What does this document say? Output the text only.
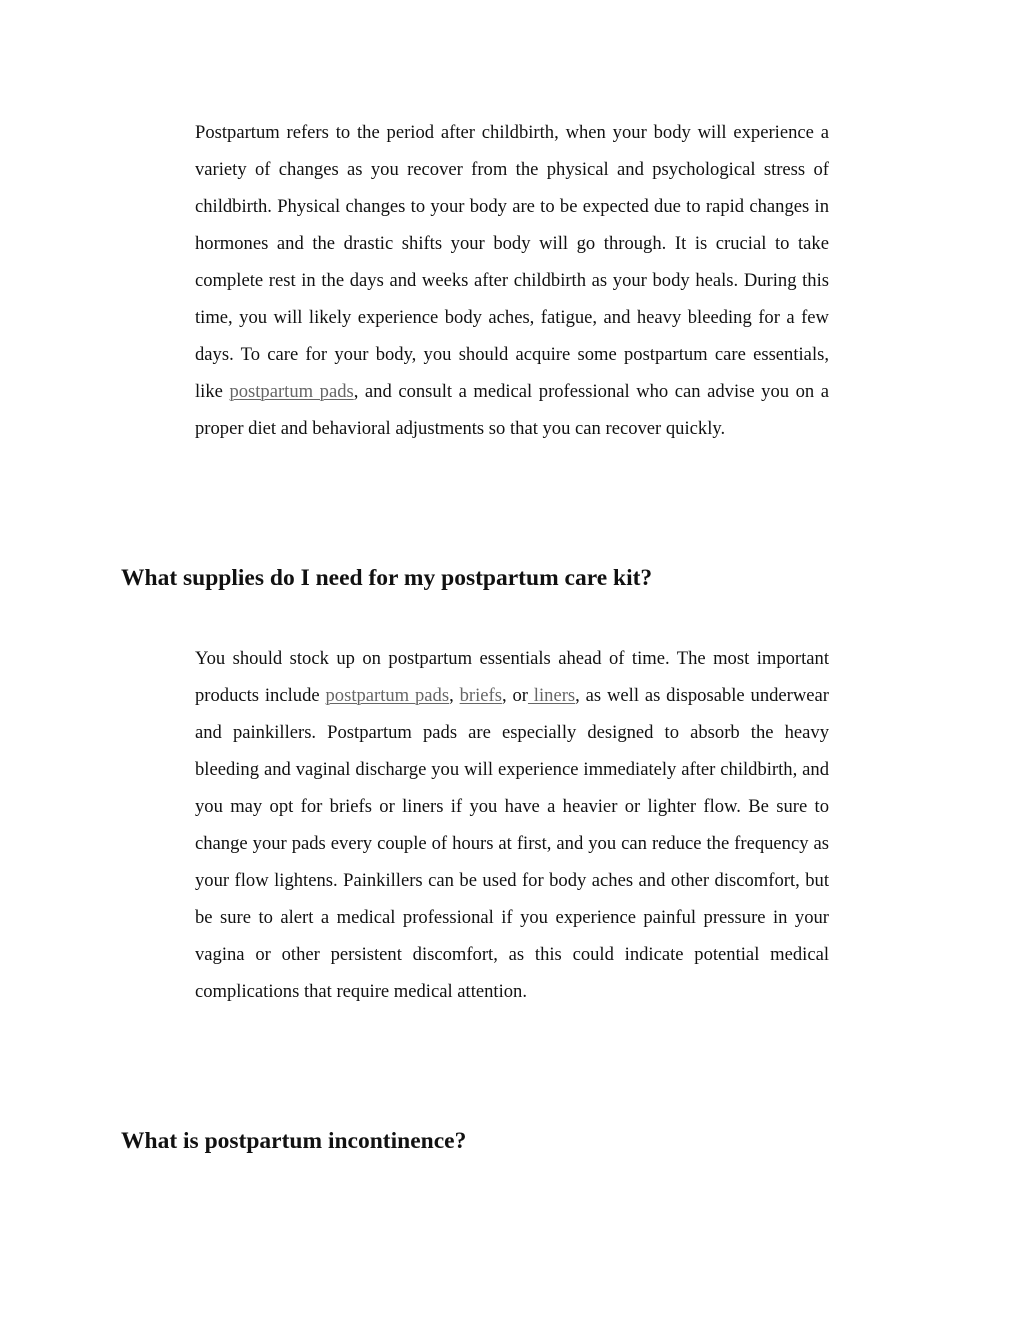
Postpartum refers to the period after childbirth, when your body will experience a variety of changes as you recover from the physical and psychological stress of childbirth. Physical changes to your body are to be expected due to rapid changes in hormones and the drastic shifts your body will go through. It is crucial to take complete rest in the days and weeks after childbirth as your body heals. During this time, you will likely experience body aches, fatigue, and heavy bleeding for a few days. To care for your body, you should acquire some postpartum care essentials, like postpartum pads, and consult a medical professional who can advise you on a proper diet and behavioral adjustments so that you can recover quickly.

What supplies do I need for my postpartum care kit?

You should stock up on postpartum essentials ahead of time. The most important products include postpartum pads, briefs, or liners, as well as disposable underwear and painkillers. Postpartum pads are especially designed to absorb the heavy bleeding and vaginal discharge you will experience immediately after childbirth, and you may opt for briefs or liners if you have a heavier or lighter flow. Be sure to change your pads every couple of hours at first, and you can reduce the frequency as your flow lightens. Painkillers can be used for body aches and other discomfort, but be sure to alert a medical professional if you experience painful pressure in your vagina or other persistent discomfort, as this could indicate potential medical complications that require medical attention.

What is postpartum incontinence?
